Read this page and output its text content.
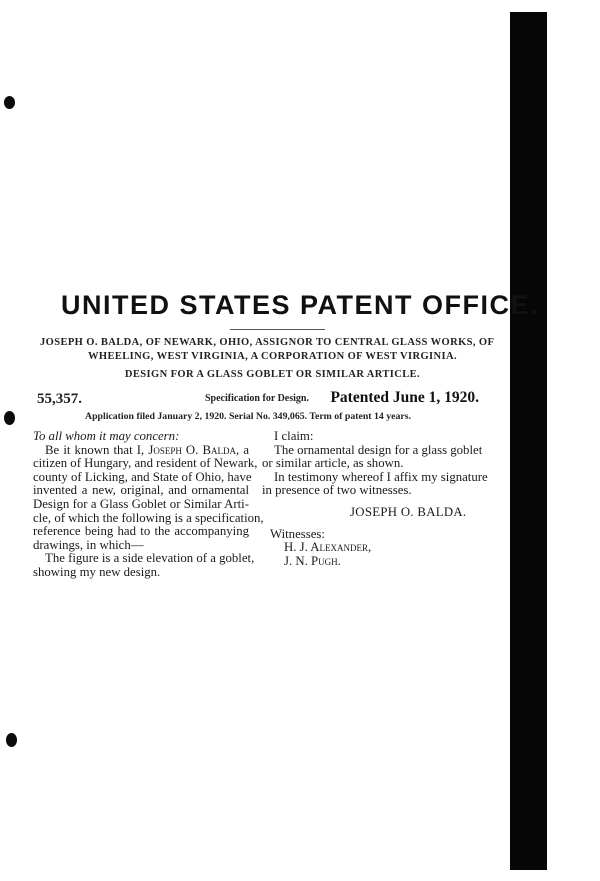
UNITED STATES PATENT OFFICE.
JOSEPH O. BALDA, OF NEWARK, OHIO, ASSIGNOR TO CENTRAL GLASS WORKS, OF
WHEELING, WEST VIRGINIA, A CORPORATION OF WEST VIRGINIA.
DESIGN FOR A GLASS GOBLET OR SIMILAR ARTICLE.
55,357.	Specification for Design. Patented June 1, 1920.
Application filed January 2, 1920. Serial No. 349,065. Term of patent 14 years.
To all whom it may concern:
Be it known that I, Joseph O. Balda, a
citizen of Hungary, and resident of Newark,
county of Licking, and State of Ohio, have
invented a new, original, and ornamental
Design for a Glass Goblet or Similar Arti-
cle, of which the following is a specification,
reference being had to the accompanying
drawings, in which—
The figure is a side elevation of a goblet,
showing my new design.
I claim:
The ornamental design for a glass goblet
or similar article, as shown.
In testimony whereof I affix my signature
in presence of two witnesses.
JOSEPH O. BALDA.
Witnesses:
H. J. Alexander,
J. N. Pugh.
